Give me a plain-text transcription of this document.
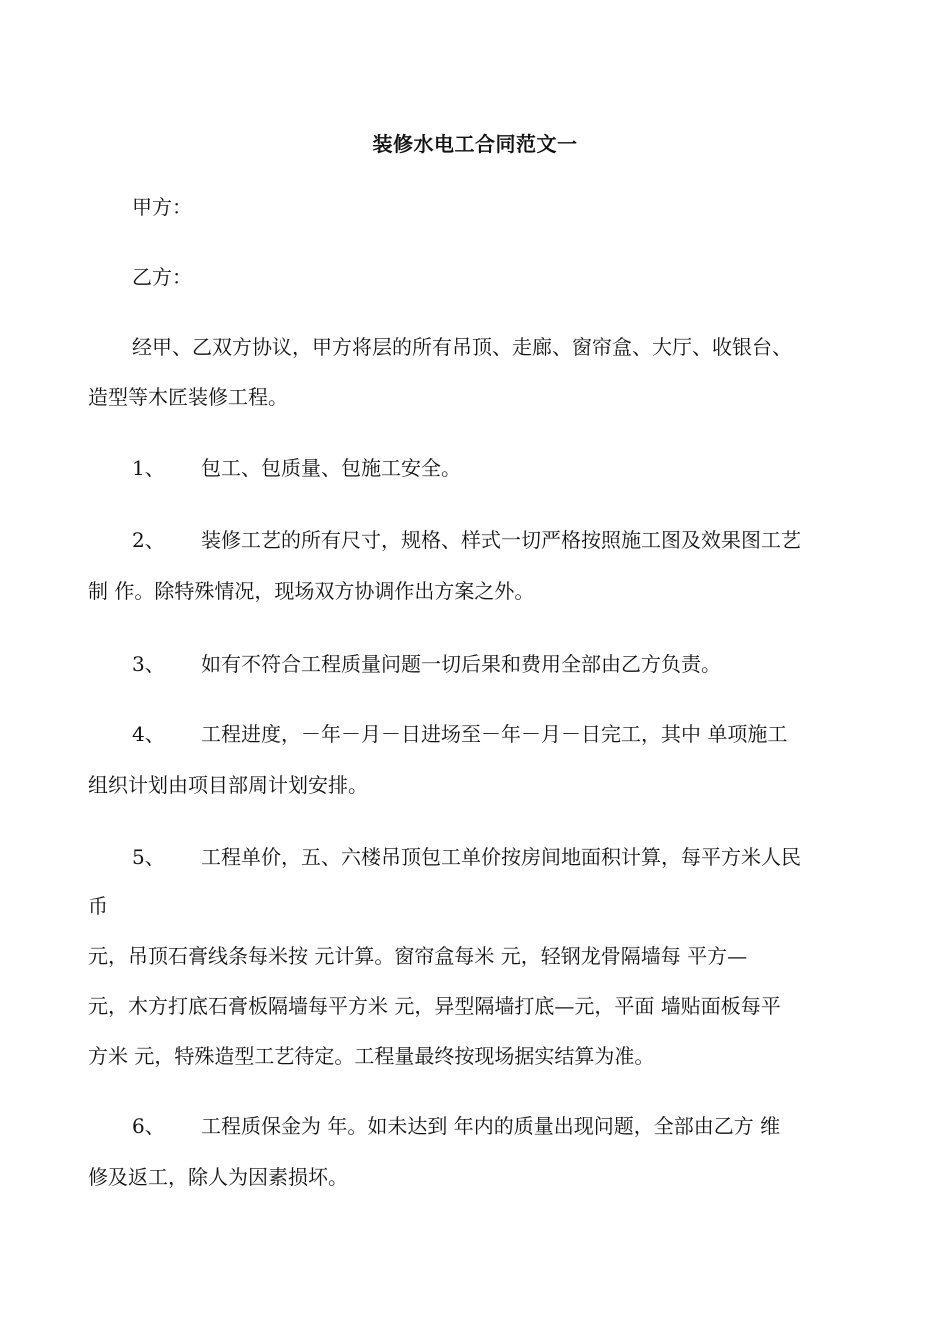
装修水电工合同范文一
甲方：
乙方：
经甲、乙双方协议，甲方将层的所有吊顶、走廊、窗帘盒、大厅、收银台、
造型等木匠装修工程。
1、 包工、包质量、包施工安全。
2、 装修工艺的所有尺寸，规格、样式一切严格按照施工图及效果图工艺
制 作。除特殊情况，现场双方协调作出方案之外。
3、 如有不符合工程质量问题一切后果和费用全部由乙方负责。
4、 工程进度，－年－月－日进场至－年－月－日完工，其中 单项施工
组织计划由项目部周计划安排。
5、 工程单价，五、六楼吊顶包工单价按房间地面积计算，每平方米人民
币
元，吊顶石膏线条每米按 元计算。窗帘盒每米 元，轻钢龙骨隔墙每 平方—
元，木方打底石膏板隔墙每平方米 元，异型隔墙打底—元，平面 墙贴面板每平
方米 元，特殊造型工艺待定。工程量最终按现场据实结算为准。
6、 工程质保金为 年。如未达到 年内的质量出现问题，全部由乙方 维
修及返工，除人为因素损坏。
